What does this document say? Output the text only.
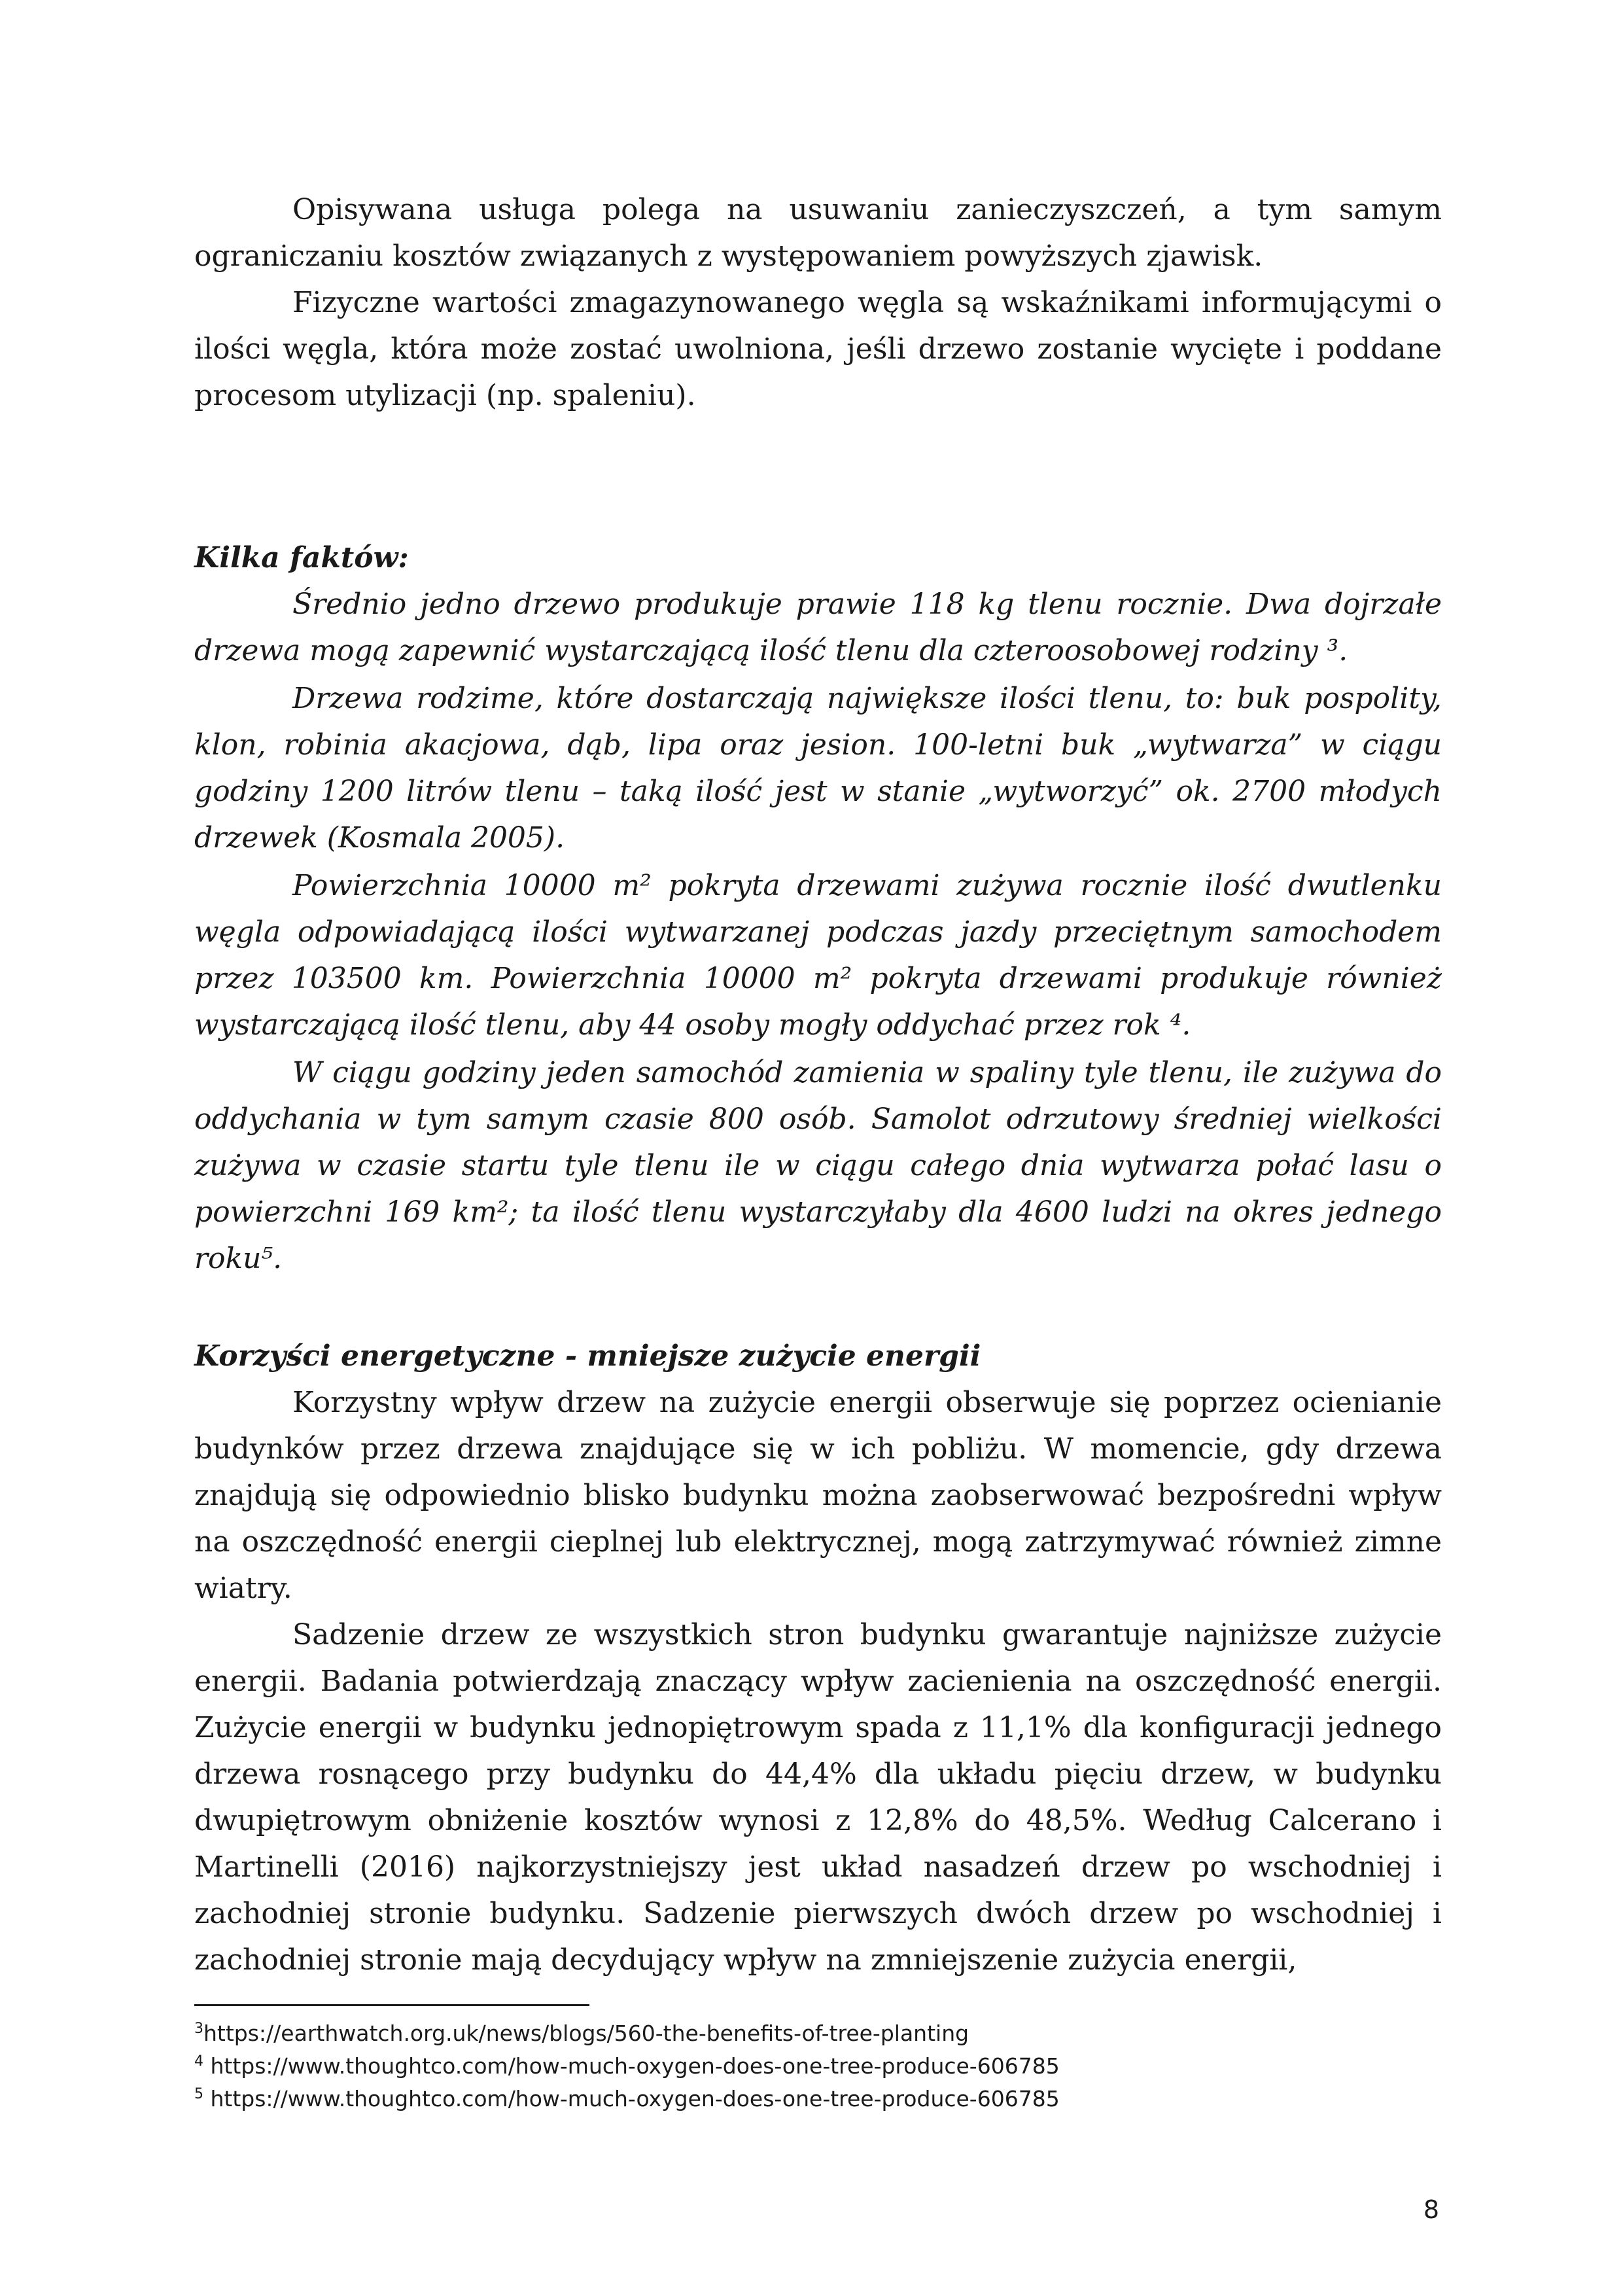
Opisywana usługa polega na usuwaniu zanieczyszczeń, a tym samym ograniczaniu kosztów związanych z występowaniem powyższych zjawisk.

Fizyczne wartości zmagazynowanego węgla są wskaźnikami informującymi o ilości węgla, która może zostać uwolniona, jeśli drzewo zostanie wycięte i poddane procesom utylizacji (np. spaleniu).

Kilka faktów:

Średnio jedno drzewo produkuje prawie 118 kg tlenu rocznie. Dwa dojrzałe drzewa mogą zapewnić wystarczającą ilość tlenu dla czteroosobowej rodziny ³.

Drzewa rodzime, które dostarczają największe ilości tlenu, to: buk pospolity, klon, robinia akacjowa, dąb, lipa oraz jesion. 100-letni buk „wytwarza” w ciągu godziny 1200 litrów tlenu – taką ilość jest w stanie „wytworzyć” ok. 2700 młodych drzewek (Kosmala 2005).

Powierzchnia 10000 m² pokryta drzewami zużywa rocznie ilość dwutlenku węgla odpowiadającą ilości wytwarzanej podczas jazdy przeciętnym samochodem przez 103500 km. Powierzchnia 10000 m² pokryta drzewami produkuje również wystarczającą ilość tlenu, aby 44 osoby mogły oddychać przez rok ⁴.

W ciągu godziny jeden samochód zamienia w spaliny tyle tlenu, ile zużywa do oddychania w tym samym czasie 800 osób. Samolot odrzutowy średniej wielkości zużywa w czasie startu tyle tlenu ile w ciągu całego dnia wytwarza połać lasu o powierzchni 169 km²; ta ilość tlenu wystarczyłaby dla 4600 ludzi na okres jednego roku⁵.

Korzyści energetyczne - mniejsze zużycie energii

Korzystny wpływ drzew na zużycie energii obserwuje się poprzez ocienianie budynków przez drzewa znajdujące się w ich pobliżu. W momencie, gdy drzewa znajdują się odpowiednio blisko budynku można zaobserwować bezpośredni wpływ na oszczędność energii cieplnej lub elektrycznej, mogą zatrzymywać również zimne wiatry.

Sadzenie drzew ze wszystkich stron budynku gwarantuje najniższe zużycie energii. Badania potwierdzają znaczący wpływ zacienienia na oszczędność energii. Zużycie energii w budynku jednopiętrowym spada z 11,1% dla konfiguracji jednego drzewa rosnącego przy budynku do 44,4% dla układu pięciu drzew, w budynku dwupiętrowym obniżenie kosztów wynosi z 12,8% do 48,5%. Według Calcerano i Martinelli (2016) najkorzystniejszy jest układ nasadzeń drzew po wschodniej i zachodniej stronie budynku. Sadzenie pierwszych dwóch drzew po wschodniej i zachodniej stronie mają decydujący wpływ na zmniejszenie zużycia energii,

$^3$https://earthwatch.org.uk/news/blogs/560-the-benefits-of-tree-planting

$^4$ https://www.thoughtco.com/how-much-oxygen-does-one-tree-produce-606785

$^5$ https://www.thoughtco.com/how-much-oxygen-does-one-tree-produce-606785

8
